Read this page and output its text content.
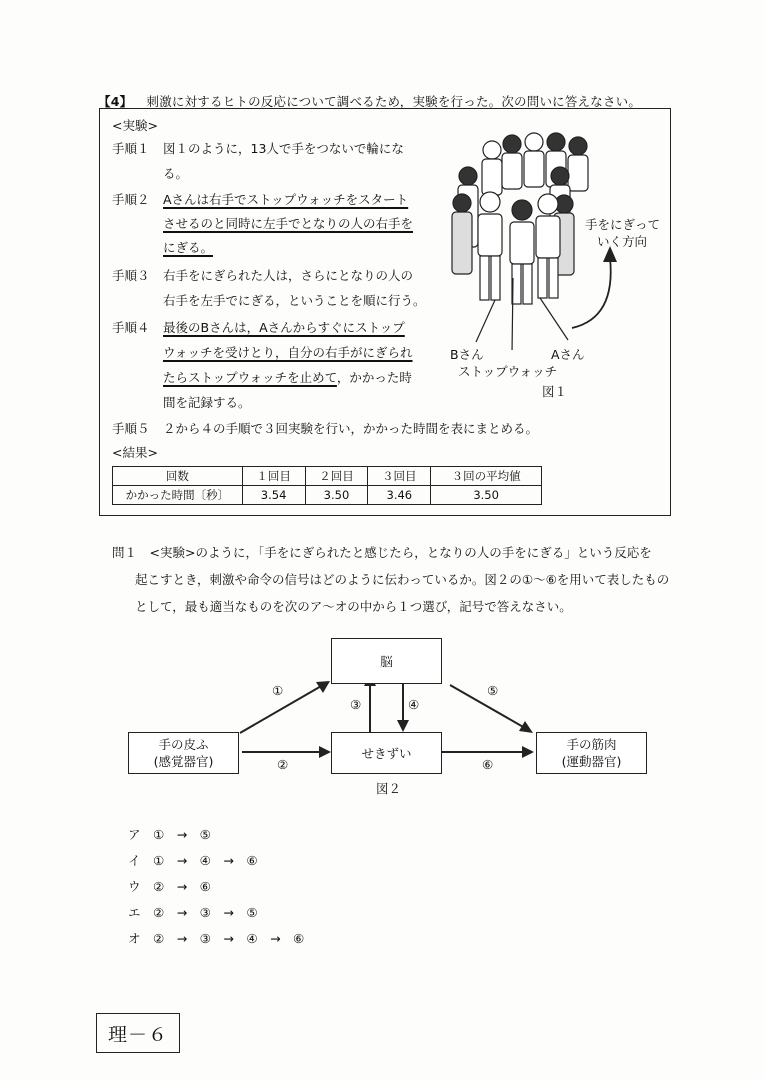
【4】 刺激に対するヒトの反応について調べるため，実験を行った。次の問いに答えなさい。
<実験>
手順１ 図１のように，13人で手をつないで輪にな
る。
手順２ Aさんは右手でストップウォッチをスタート
させるのと同時に左手でとなりの人の右手を
にぎる。
手順３ 右手をにぎられた人は，さらにとなりの人の
右手を左手でにぎる，ということを順に行う。
手順４ 最後のBさんは，Aさんからすぐにストップ
ウォッチを受けとり，自分の右手がにぎられ
たらストップウォッチを止めて，かかった時
間を記録する。
手順５ ２から４の手順で３回実験を行い，かかった時間を表にまとめる。
手をにぎって
いく方向
Bさん	Aさん
ストップウォッチ
図１
<結果>
回数	１回目	２回目	３回目	３回の平均値
かかった時間〔秒〕	3.54	3.50	3.46	3.50
問１　<実験>のように，「手をにぎられたと感じたら，となりの人の手をにぎる」という反応を
起こすとき，刺激や命令の信号はどのように伝わっているか。図２の①～⑥を用いて表したもの
として，最も適当なものを次のア～オの中から１つ選び，記号で答えなさい。
脳
手の皮ふ
(感覚器官)
せきずい
手の筋肉
(運動器官)
①
②
③	④
⑤
⑥
図２
ア　①　→　⑤
イ　①　→　④　→　⑥
ウ　②　→　⑥
エ　②　→　③　→　⑤
オ　②　→　③　→　④　→　⑥
理－６
